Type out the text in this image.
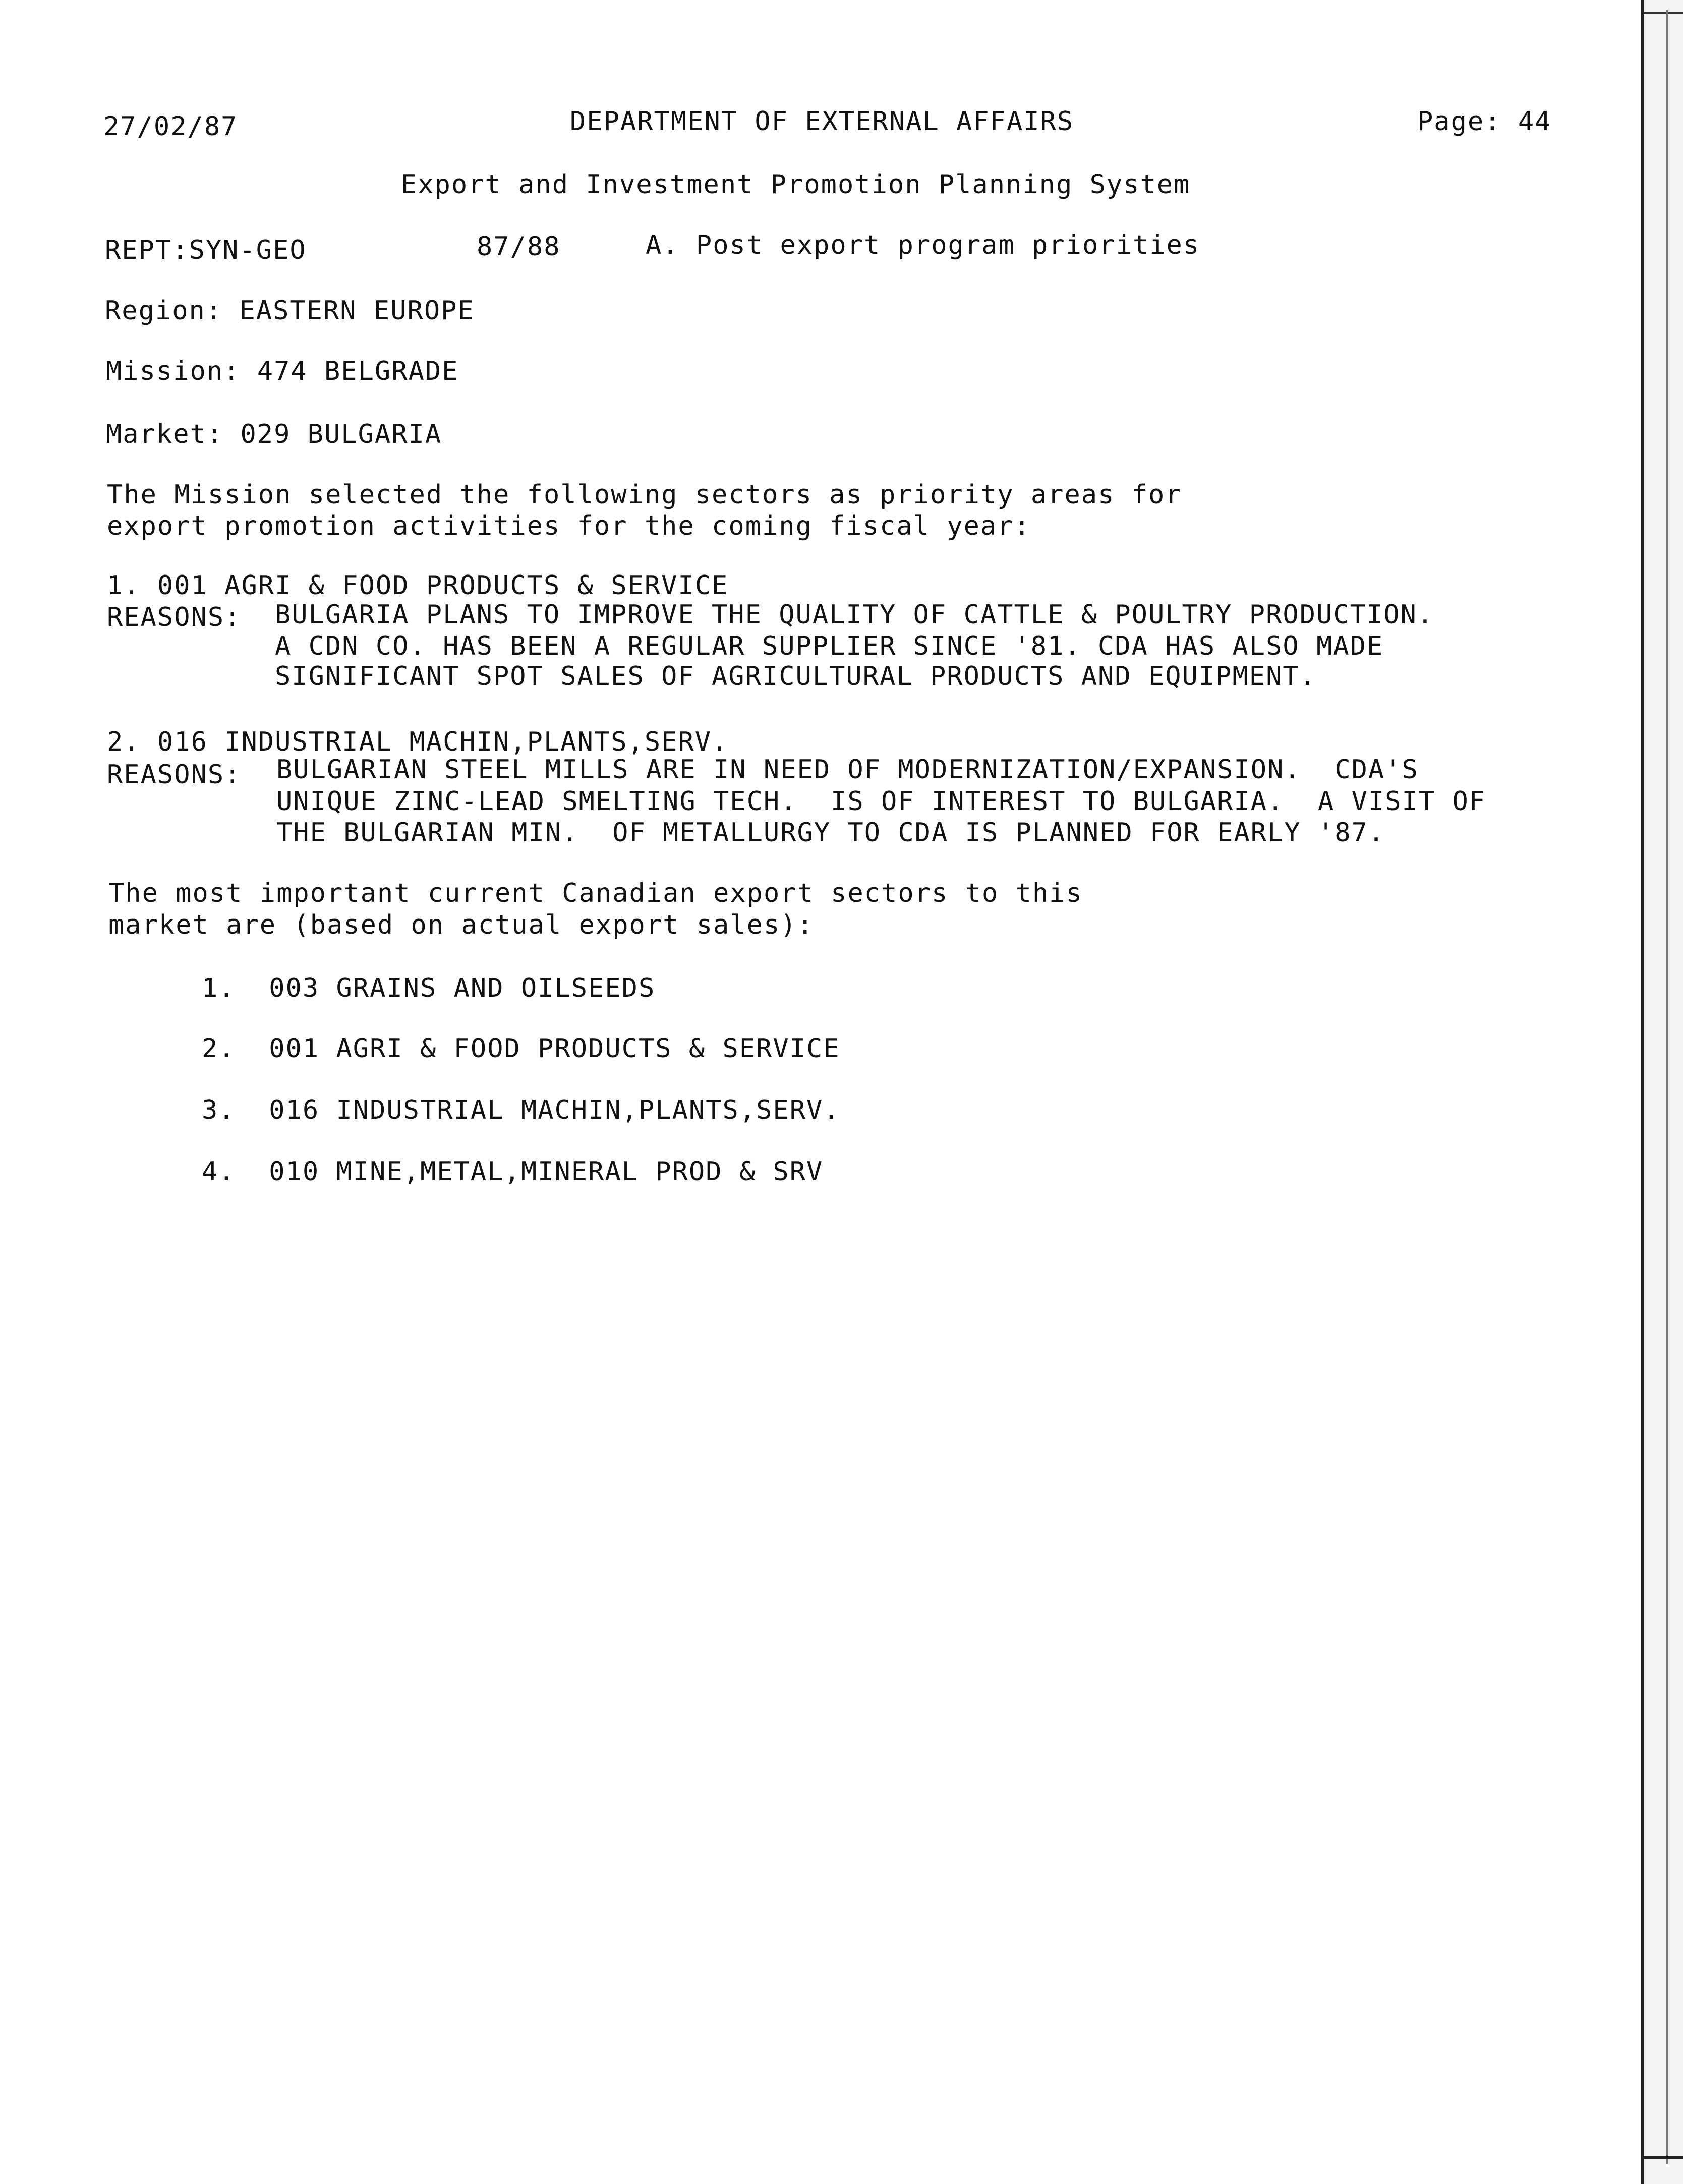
27/02/87	DEPARTMENT OF EXTERNAL AFFAIRS	Page: 44
Export and Investment Promotion Planning System
REPT:SYN-GEO	87/88	A. Post export program priorities
Region: EASTERN EUROPE
Mission: 474 BELGRADE
Market: 029 BULGARIA
The Mission selected the following sectors as priority areas for
export promotion activities for the coming fiscal year:
1. 001 AGRI & FOOD PRODUCTS & SERVICE
REASONS: BULGARIA PLANS TO IMPROVE THE QUALITY OF CATTLE & POULTRY PRODUCTION.
A CDN CO. HAS BEEN A REGULAR SUPPLIER SINCE '81. CDA HAS ALSO MADE
SIGNIFICANT SPOT SALES OF AGRICULTURAL PRODUCTS AND EQUIPMENT.
2. 016 INDUSTRIAL MACHIN,PLANTS,SERV.
REASONS: BULGARIAN STEEL MILLS ARE IN NEED OF MODERNIZATION/EXPANSION.  CDA'S
UNIQUE ZINC-LEAD SMELTING TECH.  IS OF INTEREST TO BULGARIA.  A VISIT OF
THE BULGARIAN MIN.  OF METALLURGY TO CDA IS PLANNED FOR EARLY '87.
The most important current Canadian export sectors to this
market are (based on actual export sales):
1.  003 GRAINS AND OILSEEDS
2.  001 AGRI & FOOD PRODUCTS & SERVICE
3.  016 INDUSTRIAL MACHIN,PLANTS,SERV.
4.  010 MINE,METAL,MINERAL PROD & SRV
